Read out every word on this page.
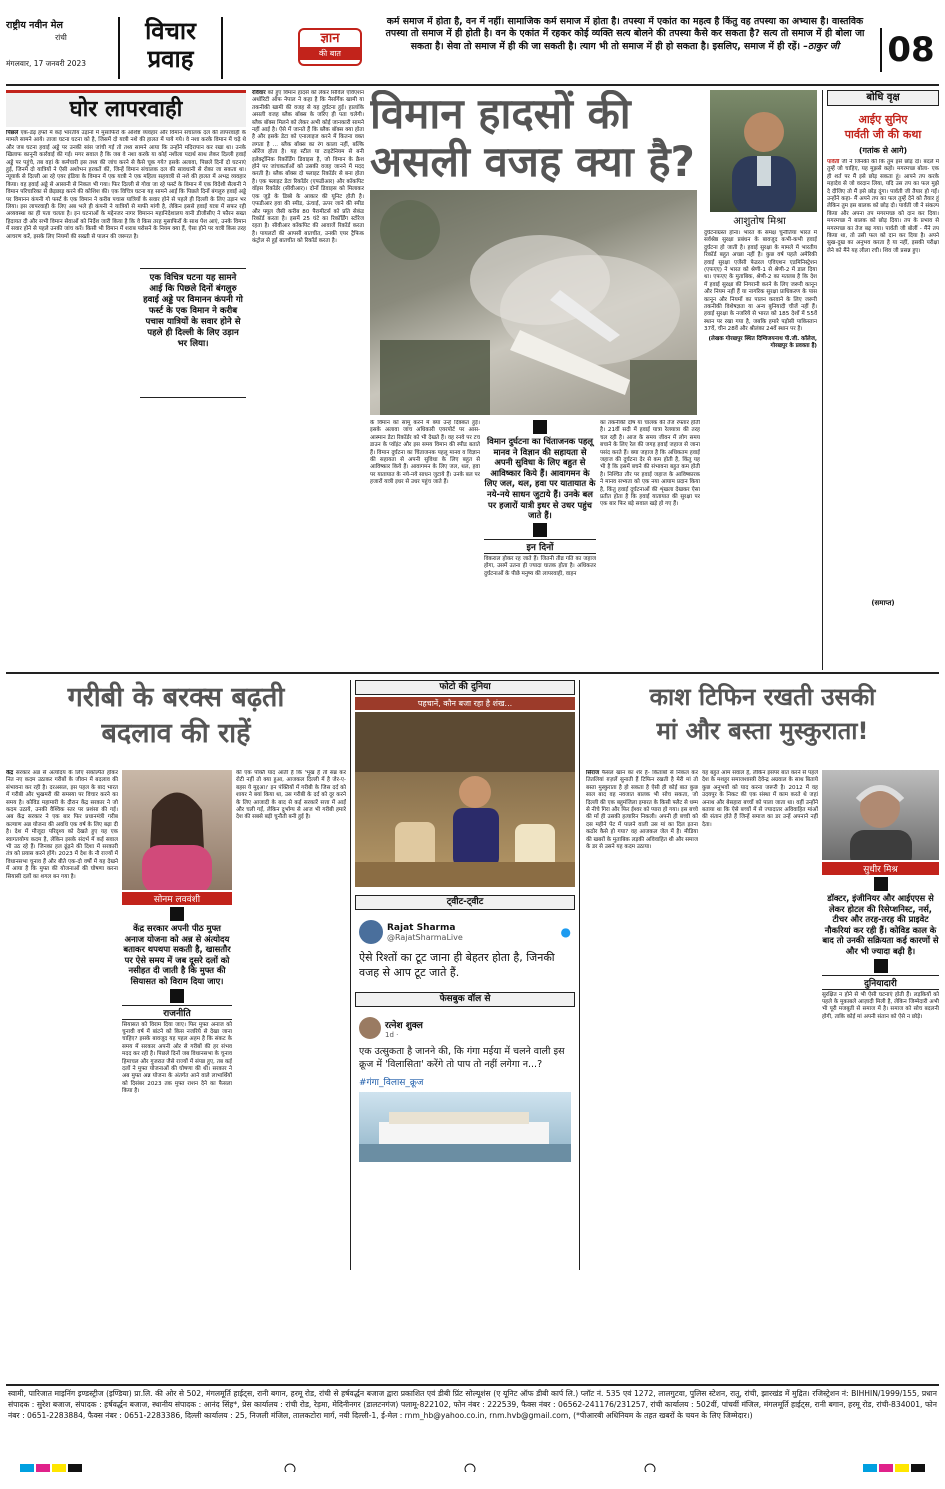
राष्ट्रीय नवीन मेल
रांची
मंगलवार, 17 जनवरी 2023
विचार
प्रवाह
ज्ञान
की बात
कर्म समाज में होता है, वन में नहीं। सामाजिक कर्म समाज में होता है। तपस्या में एकांत का महत्व है किंतु वह तपस्या का अभ्यास है। वास्तविक तपस्या तो समाज में ही होती है। वन के एकांत में रहकर कोई व्यक्ति सत्य बोलने की तपस्या कैसे कर सकता है? सत्य तो समाज में ही बोला जा सकता है। सेवा तो समाज में ही की जा सकती है। त्याग भी तो समाज में ही हो सकता है। इसलिए, समाज में ही रहें। –ठाकुर जी	08
घोर लापरवाही
पिछले एक-डेढ़ हफ्ते में कई भारतीय उड़ानों में मुसाफिरों के अशिष्ट व्यवहार और विमान संचालक दल की लापरवाही के मामले सामने आये। ताजा घटना घटना को है, जिसमें दो यात्री नशे की हालत में पाये गये। वे नशा करके विमान में चढ़े थे और जब घटना हवाई अड्डे पर उनकी सांस जांची गई तो तथ्य सामने आया कि उन्होंने मदिरापान कर रखा था। उनके खिलाफ कानूनी कार्रवाई की गई। मगर सवाल है कि जब वे नशा करके या कोई नशीला पदार्थ साथ लेकर दिल्ली हवाई अड्डे पर पहुंचे, तब वहां के कर्मचारी इस तथ्य की जांच करने से कैसे चूक गये? इसके अलावा, पिछले दिनों दो घटनाएं हुई, जिनमें दो यात्रियों ने ऐसी अशोभन हरकतें कीं, जिन्हें विमान संचालक दल की सावधानी से रोका जा सकता था। न्यूयार्क से दिल्ली आ रहे एयर इंडिया के विमान में एक यात्री ने एक महिला सहयात्री से नशे की हालत में अभद्र व्यवहार किया। वह हवाई अड्डे से आसानी से निकल भी गया। फिर दिल्ली से गोवा जा रहे फर्स्ट के विमान में एक विदेशी सैलानी ने विमान परिचारिका से छेड़छाड़ करने की कोशिश की। एक विचित्र घटना यह सामने आई कि पिछले दिनों बंगलुरु हवाई अड्डे पर विमानन कंपनी गो फर्स्ट के एक विमान ने करीब पचास यात्रियों के सवार होने से पहले ही दिल्ली के लिए उड़ान भर लिया। इस लापरवाही के लिए अब भले ही कंपनी ने यात्रियों से माफी मांगी है, लेकिन इससे हवाई यात्रा में सफर रही अव्यवस्था का ही पता चलता है। इन घटनाओं के मद्देनजर नागर विमानन महानिदेशालय यानी डीजीसीए ने फौरन सख्त हिदायत दी और सभी विमान सेवाओं को निर्देश जारी किया है कि वे किस तरह मुसाफिरों के साथ पेश आएं, उनके विमान में सवार होने से पहले उनकी जांच करें। किसी भी विमान में शराब परोसने के नियम क्या हैं, ऐसा होने पर यात्री किस तरह आचरण करें, इसके लिए नियमों की सख्ती से पालन की जरूरत है।
एक विचित्र घटना यह सामने आई कि पिछले दिनों बंगलुरु हवाई अड्डे पर विमानन कंपनी गो फर्स्ट के एक विमान ने करीब पचास यात्रियों के सवार होने से पहले ही दिल्ली के लिए उड़ान भर लिया।
रविवार को हुए विमान हादसे को लेकर सिविल एविएशन अथॉरिटी ऑफ नेपाल ने कहा है कि नैसर्गिक खामी या तकनीकी खामी की वजह से यह दुर्घटना हुई। हालांकि असली वजह ब्लैक बॉक्स के जरिए ही पता चलेगी। ब्लैक बॉक्स मिलने को लेकर अभी कोई जानकारी सामने नहीं आई है। ऐसे में जानते हैं कि ब्लैक बॉक्स क्या होता है और इसके डेटा को एनालाइज करने में कितना वक्त लगता है ... ब्लैक बॉक्स का रंग काला नहीं, बल्कि ऑरेंज होता है। यह स्टील या टाइटेनियम से बनी इलेक्ट्रॉनिक रिकॉर्डिंग डिवाइस है, जो विमान के क्रैश होने पर जांचकर्ताओं को उसकी वजह जानने में मदद करती है। ब्लैक बॉक्स दो फ्लाइट रिकॉर्डर से बना होता है। एक फ्लाइट डेटा रिकॉर्डर (एफडीआर) और कॉकपिट वॉइस रिकॉर्डर (सीवीआर)। दोनों डिवाइस को मिलाकर एक जुड़े के डिब्बे के आकार की यूनिट होती है। एफडीआर हवा की स्पीड, ऊंचाई, ऊपर जाने की स्पीड और फ्यूल जैसी करीब 80 पैरामीटर्स को प्रति सेकंड रिकॉर्ड करता है। इसमें 25 घंटे का रिकॉर्डिंग स्टोरेज रहता है। सीवीआर कॉकपिट की आवाजें रिकॉर्ड करता है। पायलटों की आपसी बातचीत, उनकी एयर ट्रैफिक कंट्रोल से हुई बातचीत को रिकॉर्ड करता है।
विमान हादसों की
असली वजह क्या है?
आशुतोष मिश्रा
के विमान को सामू करने में क्या उन्हें दिक्कत हुई। इसके अलावा जांच अधिकारी एयरपोर्ट पर आस-आस्मान डेटा रिकॉर्डर को भी देखते हैं। वह रनवे पर टच डाउन के प्वॉइंट और इस समय विमान की स्पीड बताते हैं। विमान दुर्घटना का चिंताजनक पहलू मानव व विज्ञान की सहायता से अपनी सुविधा के लिए बहुत से आविष्कार किये हैं। आवागमन के लिए जल, थल, हवा पर यातायात के नये-नये साधन जुटाये हैं। उनके बल पर हजारों यात्री इधर से उधर पहुंच जाते हैं।
विमान दुर्घटना का चिंताजनक पहलू मानव ने विज्ञान की सहायता से अपनी सुविधा के लिए बहुत से आविष्कार किये हैं। आवागमन के लिए जल, थल, हवा पर यातायात के नये-नये साधन जुटाये हैं। उनके बल पर हजारों यात्री इधर से उधर पहुंच जाते हैं।
इन दिनों
विकराल होकर रह जाते हैं। जितनी तीव्र गति का जहाज होगा, उसमें उतना ही ज्यादा घातक होता है। अधिकतर दुर्घटनाओं के पीछे मनुष्य की लापरवाही, वाहन
का तकनीकी दोष या चालक की तेज रफ्तार होती है। 21वीं सदी में हवाई यात्रा रेलयात्रा की तरह चल रही है। आज के समय जीवन में लोग समय बचाने के लिए रेल की जगह हवाई जहाज से जाना पसंद करते हैं। क्या जहाज है कि अधिकतम हवाई जहाज की दुर्घटना देर से कम होती है, किंतु यह भी है कि इसमें बचने की संभावना बहुत कम होती है। निश्चित तौर पर हवाई जहाज के आविष्कारक ने मानव सभ्यता को एक नया आयाम प्रदान किया है, किंतु हवाई दुर्घटनाओं की शृंखला देखकर ऐसा प्रतीत होता है कि हवाई यातायात की सुरक्षा पर एक बार फिर बड़े सवाल खड़े हो गए हैं।
दुर्घटनाग्रस्त होना। भारत के समक्ष चुनौतियां भारत में सर्वश्रेष्ठ सुरक्षा प्रबंधन के बावजूद कभी-कभी हवाई दुर्घटना हो जाती है। हवाई सुरक्षा के मामले में भारतीय रिकॉर्ड बहुत अच्छा नहीं है। कुछ वर्ष पहले अमेरिकी हवाई सुरक्षा एजेंसी फेडरल एविएशन एडमिनिस्ट्रेशन (एफएए) ने भारत को श्रेणी-1 से श्रेणी-2 में डाल दिया था। एफएए के मुताबिक, श्रेणी-2 का मतलब है कि देश में हवाई सुरक्षा की निगरानी करने के लिए जरूरी कानून और नियम नहीं हैं या नागरिक सुरक्षा प्राधिकरण के पास कानून और नियमों का पालन करवाने के लिए जरूरी तकनीकी विशेषज्ञता या अन्य बुनियादी चीजें नहीं हैं। हवाई सुरक्षा के नजरिये से भारत को 185 देशों में 55वें स्थान पर रखा गया है, जबकि हमारे पड़ोसी पाकिस्तान 37वें, चीन 28वें और श्रीलंका 24वें स्थान पर है।
(लेखक गोरखपुर स्थित दिग्विजयनाथ पी.जी. कॉलेज, गोरखपुर के प्रवक्ता हैं)
बोधि वृक्ष
आईए सुनिए
पार्वती जी की कथा
(गतांक से आगे)
पार्वती जी ने जिनकी की कि तुम इसे छोड़ दो। बदले में तुम्हें जो चाहिए, यह मुझसे कहो। मगरमच्छ बोला- एक ही शर्त पर मैं इसे छोड़ सकता हूं। आपने तप करके महादेव से जो वरदान लिया, यदि उस तप का फल मुझे दे दीजिए तो मैं इसे छोड़ दूंगा। पार्वती जी तैयार हो गईं। उन्होंने कहा- मैं अपने तप का फल तुम्हें देने को तैयार हूं लेकिन तुम इस बालक को छोड़ दो। पार्वती जी ने संकल्प किया और अपना तप मगरमच्छ को दान कर दिया। मगरमच्छ ने बालक को छोड़ दिया। तप के प्रभाव से मगरमच्छ का तेज बढ़ गया। पार्वती जी बोलीं - मैंने तप किया था, तो उसी फल को दान कर दिया है। अपने सुख-दुख का अनुभव करता है या नहीं, इसकी परीक्षा लेने को मैंने यह लीला रची। शिव जी प्रसन्न हुए।
(समाप्त)
गरीबी के बरक्स बढ़ती
बदलाव की राहें
केंद्र सरकार अन्न से अंत्योदय के लिए संकल्पित होकर नित नए कदम उठाकर गरीबों के जीवन में बदलाव की संभावना कर रही है। दरअसल, इस पहल के बाद भारत में गरीबी और भुखमरी की समस्या पर विचार करने का समय है। कोविड महामारी के दौरान केंद्र सरकार ने जो कदम उठाये, उनकी वैश्विक स्तर पर प्रशंसा की गई। अब केंद्र सरकार ने एक बार फिर प्रधानमंत्री गरीब कल्याण अन्न योजना की अवधि एक वर्ष के लिए बढ़ा दी है। देश में मौजूदा परिदृश्य को देखते हुए यह एक स्वागतयोग्य कदम है, लेकिन इसके संदर्भ में कई सवाल भी उठ रहे हैं। जिनका हल ढूंढ़ने की दिशा में सरकारी तंत्र को प्रयास करने होंगे। 2023 में देश के नौ राज्यों में विधानसभा चुनाव हैं और बीते एक-दो वर्षों में यह देखने में आया है कि मुफ्त की योजनाओं की घोषणा करना सियासी दलों का शगल बन गया है।
की एक पंक्ति याद आती है कि 'भूख है तो सब्र कर रोटी नहीं तो क्या हुआ, आजकल दिल्ली में है जेर-ए-बहस ये मुद्दआ।' इन पंक्तियों में गरीबी के जिस दर्द को शायर ने बयां किया था, उस गरीबी के दर्द को दूर करने के लिए आजादी के बाद से कई सरकारें सत्ता में आईं और चली गईं, लेकिन दुर्भाग्य से आज भी गरीबी हमारे देश की सबसे बड़ी चुनौती बनी हुई है।
सोनम लववंशी
केंद्र सरकार अपनी पीठ मुफ्त अनाज योजना को अन्न से अंत्योदय बताकर थपथपा सकती है, खासतौर पर ऐसे समय में जब दूसरे दलों को नसीहत दी जाती है कि मुफ्त की सियासत को विराम दिया जाए।
राजनीति
सियासत को विराम दिया जाए। फिर मुफ्त अनाज को चुनावी वर्ष में बांटने को किस नजरिये से देखा जाना चाहिए? इसके बावजूद यह पहल अहम है कि संकट के समय में सरकार अपनी ओर से गरीबों की हर संभव मदद कर रही है। पिछले दिनों जब विधानसभा के चुनाव हिमाचल और गुजरात जैसे राज्यों में संपन्न हुए, तब कई दलों ने मुफ्त योजनाओं की घोषणा की थी। सरकार ने अब मुफ्त अन्न योजना के अंतर्गत आने वाले लाभार्थियों को दिसंबर 2023 तक मुफ्त राशन देने का फैसला किया है।
फोटो की दुनिया
पहचानें, कौन बजा रहा है शंख...
ट्वीट-ट्वीट
Rajat Sharma
@RajatSharmaLive	●
ऐसे रिश्तों का टूट जाना ही बेहतर होता है, जिनकी वजह से आप टूट जाते हैं.
फेसबुक वॉल से
रत्नेश शुक्ल
1d ·
एक उत्सुकता है जानने की, कि गंगा मईया में चलने वाली इस क्रूज में 'विलासिता' करेंगे तो पाप तो नहीं लगेगा न...?
#गंगा_विलास_क्रूज
काश टिफिन रखती उसकी
मां और बस्ता मुस्कुराता!
सिराज फैसल खान का शेर है- किताबों से निकल कर तितलियां ग़ज़लें सुनाती हैं टिफिन रखती है मेरी मां तो बस्ता मुस्कुराता है हो सकता है ऐसी ही कोई बात कुछ साल बाद वह नवजात बालक भी सोच सकता, जो दिल्ली की एक बहुमंजिला इमारत के किसी फ्लैट से धम्म से नीचे गिरा और फिर ईश्वर को प्यारा हो गया। इस बच्चे की माँ ही उसकी हत्यारिन निकली। अपनी ही बच्ची को दस महीने पेट में पालने वाली उस मां का दिल इतना कठोर कैसे हो गया? वह आजकल जेल में है। मीडिया की खबरों के मुताबिक लड़की अविवाहित थी और समाज के डर से उसने यह कदम उठाया।
यह बहुत आम सवाल है, लेकिन इसपर बात करने से पहले देश के मशहूर समाजशास्त्री देवेन्द्र अग्रवाल के साथ बिताये कुछ अनुभवों को याद करना जरूरी है। 2012 में वह उदयपुर के निकट की एक संस्था में काम करते थे जहां अनाथ और बेसहारा बच्चों को पाला जाता था। वहीं उन्होंने बताया था कि ऐसे बच्चों में से ज्यादातर अविवाहित मांओं की संतान होते हैं जिन्हें समाज का डर उन्हें अपनाने नहीं देता।
सुधीर मिश्र
डॉक्टर, इंजीनियर और आईएएस से लेकर होटल की रिसेप्शनिस्ट, नर्स, टीचर और तरह-तरह की प्राइवेट नौकरियां कर रही हैं। कोविड काल के बाद तो उनकी सक्रियता कई कारणों से और भी ज्यादा बढ़ी है।
दुनियादारी
सुरक्षित न होने से भी ऐसी घटनाएं होती हैं। लड़कियों को पहले के मुकाबले आज़ादी मिली है, लेकिन जिम्मेदारी अभी भी पूरी मजबूती से समाज में है। समाज को सोच बदलनी होगी, ताकि कोई मां अपनी संतान को ऐसे न छोड़े।
स्वामी, पारिजात माइनिंग इण्डस्ट्रीज (इण्डिया) प्रा.लि. की ओर से 502, मंगलमूर्ति हाईट्स, रानी बगान, हरमू रोड, रांची से हर्षवर्द्धन बजाज द्वारा प्रकाशित एवं डीबी प्रिंट सोल्यूशंस (ए यूनिट ऑफ डीबी कार्प लि.) प्लॉट नं. 535 एवं 1272, लालगुटवा, पुलिस स्टेशन, रातू, रांची, झारखंड में मुद्रित। रजिस्ट्रेशन नं: BIHHIN/1999/155, प्रधान संपादक : सुरेश बजाज, संपादक : हर्षवर्द्धन बजाज, स्थानीय संपादक : आनंद सिंह*, प्रेस कार्यालय : रांची रोड, रेड़मा, मेदिनीनगर (डालटनगंज) पलामू-822102, फोन नंबर : 222539, फैक्स नंबर : 06562-241176/231257, रांची कार्यालय : 502वीं, पांचवीं मंजिल, मंगलमूर्ति हाईट्स, रानी बगान, हरमू रोड, रांची-834001, फोन नंबर : 0651-2283884, फैक्स नंबर : 0651-2283386, दिल्ली कार्यालय : 25, निजली मंजिल, तालकटोरा मार्ग, नयी दिल्ली-1, ई-मेल : rnm_hb@yahoo.co.in, rnm.hvb@gmail.com, (*पीआरबी अधिनियम के तहत खबरों के चयन के लिए जिम्मेदार।)
